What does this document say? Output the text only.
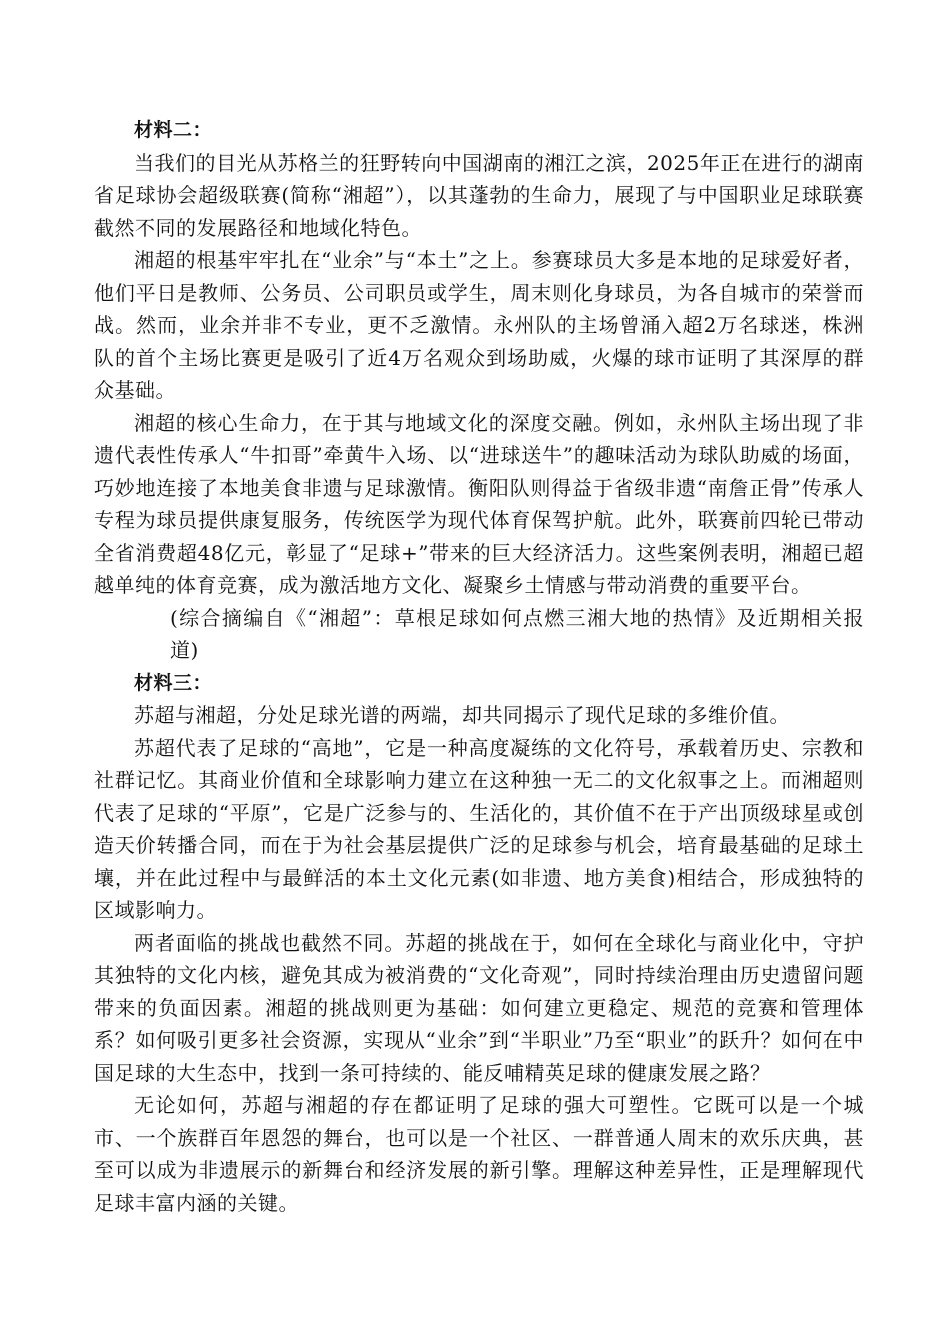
材料二：

当我们的目光从苏格兰的狂野转向中国湖南的湘江之滨，2025年正在进行的湖南省足球协会超级联赛(简称“湘超”），以其蓬勃的生命力，展现了与中国职业足球联赛截然不同的发展路径和地域化特色。

湘超的根基牢牢扎在“业余”与“本土”之上。参赛球员大多是本地的足球爱好者，他们平日是教师、公务员、公司职员或学生，周末则化身球员，为各自城市的荣誉而战。然而，业余并非不专业，更不乏激情。永州队的主场曾涌入超2万名球迷，株洲队的首个主场比赛更是吸引了近4万名观众到场助威，火爆的球市证明了其深厚的群众基础。

湘超的核心生命力，在于其与地域文化的深度交融。例如，永州队主场出现了非遗代表性传承人“牛扣哥”牵黄牛入场、以“进球送牛”的趣味活动为球队助威的场面，巧妙地连接了本地美食非遗与足球激情。衡阳队则得益于省级非遗“南詹正骨”传承人专程为球员提供康复服务，传统医学为现代体育保驾护航。此外，联赛前四轮已带动全省消费超48亿元，彰显了“足球+”带来的巨大经济活力。这些案例表明，湘超已超越单纯的体育竞赛，成为激活地方文化、凝聚乡土情感与带动消费的重要平台。

(综合摘编自《“湘超”：草根足球如何点燃三湘大地的热情》及近期相关报道)

材料三：

苏超与湘超，分处足球光谱的两端，却共同揭示了现代足球的多维价值。

苏超代表了足球的“高地”，它是一种高度凝练的文化符号，承载着历史、宗教和社群记忆。其商业价值和全球影响力建立在这种独一无二的文化叙事之上。而湘超则代表了足球的“平原”，它是广泛参与的、生活化的，其价值不在于产出顶级球星或创造天价转播合同，而在于为社会基层提供广泛的足球参与机会，培育最基础的足球土壤，并在此过程中与最鲜活的本土文化元素(如非遗、地方美食)相结合，形成独特的区域影响力。

两者面临的挑战也截然不同。苏超的挑战在于，如何在全球化与商业化中，守护其独特的文化内核，避免其成为被消费的“文化奇观”，同时持续治理由历史遗留问题带来的负面因素。湘超的挑战则更为基础：如何建立更稳定、规范的竞赛和管理体系？如何吸引更多社会资源，实现从“业余”到“半职业”乃至“职业”的跃升？如何在中国足球的大生态中，找到一条可持续的、能反哺精英足球的健康发展之路？

无论如何，苏超与湘超的存在都证明了足球的强大可塑性。它既可以是一个城市、一个族群百年恩怨的舞台，也可以是一个社区、一群普通人周末的欢乐庆典，甚至可以成为非遗展示的新舞台和经济发展的新引擎。理解这种差异性，正是理解现代足球丰富内涵的关键。
